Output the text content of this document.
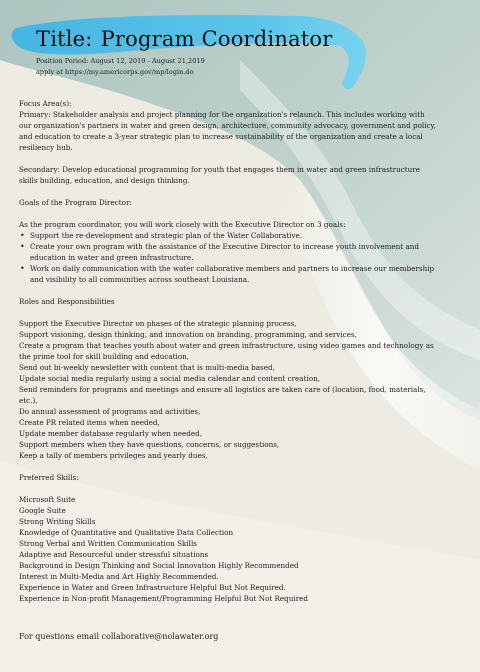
Title: Program Coordinator
Position Period: August 12, 2019 - August 21,2019
apply at https://my.americorps.gov/mp/login.do

Focus Area(s):

Primary: Stakeholder analysis and project planning for the organization's relaunch. This includes working with our organization's partners in water and green design, architecture, community advocacy, government and policy, and education to create a 3-year strategic plan to increase sustainability of the organization and create a local resiliency hub.

Secondary: Develop educational programming for youth that engages them in water and green infrastructure skills building, education, and design thinking.

Goals of the Program Director:

As the program coordinator, you will work closely with the Executive Director on 3 goals:

• Support the re-development and strategic plan of the Water Collaborative.
• Create your own program with the assistance of the Executive Director to increase youth involvement and education in water and green infrastructure.
• Work on daily communication with the water collaborative members and partners to increase our membership and visibility to all communities across southeast Louisiana.

Roles and Responsibilities

Support the Executive Director on phases of the strategic planning process,

Support visioning, design thinking, and innovation on branding, programming, and services,

Create a program that teaches youth about water and green infrastructure, using video games and technology as the prime tool for skill building and education,

Send out bi-weekly newsletter with content that is multi-media based,

Update social media regularly using a social media calendar and content creation,

Send reminders for programs and meetings and ensure all logistics are taken care of (location, food, materials, etc.),

Do annual assessment of programs and activities,

Create PR related items when needed,

Update member database regularly when needed,

Support members when they have questions, concerns, or suggestions,

Keep a tally of members privileges and yearly dues,

Preferred Skills:

Microsoft Suite

Google Suite

Strong Writing Skills

Knowledge of Quantitative and Qualitative Data Collection

Strong Verbal and Written Communication Skills

Adaptive and Resourceful under stressful situations

Background in Design Thinking and Social Innovation Highly Recommended

Interest in Multi-Media and Art Highly Recommended.

Experience in Water and Green Infrastructure Helpful But Not Required.

Experience in Non-profit Management/Programming Helpful But Not Required

For questions email collaborative@nolawater.org
